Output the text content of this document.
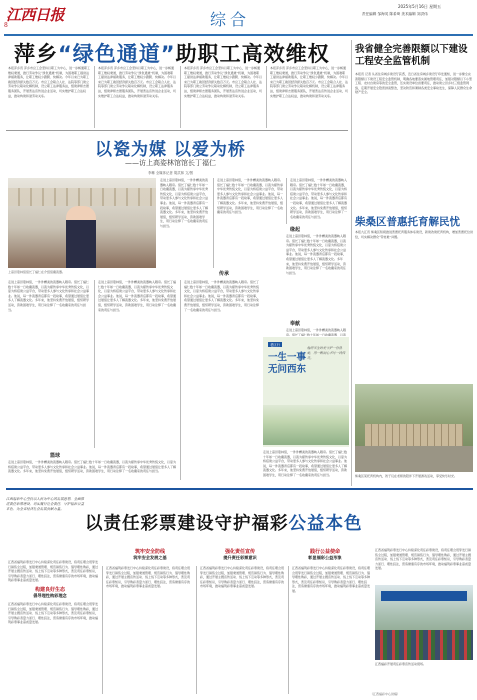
江西日报
8	综合
2025年5月16日 星期五
责任编辑 邹海英 陈希琦 美术编辑 刘洪伟
萍乡“绿色通道”助职工高效维权
本报萍乡讯 萍乡市总工会坚持以职工为中心，进一步畅通职工维权渠道，推行劳动争议“绿色通道”机制，为困难职工提供法律援助服务，让职工维权少跑腿、快解决。今年以来已为职工挽回经济损失数百万元。市总工会联合人社、法院等部门建立劳动争议联动化解机制，设立职工法律服务站，组建律师志愿服务团队，开展普法宣传进企业活动，切实维护职工合法权益，推动构建和谐劳动关系。
本报萍乡讯 萍乡市总工会坚持以职工为中心，进一步畅通职工维权渠道，推行劳动争议“绿色通道”机制，为困难职工提供法律援助服务，让职工维权少跑腿、快解决。今年以来已为职工挽回经济损失数百万元。市总工会联合人社、法院等部门建立劳动争议联动化解机制，设立职工法律服务站，组建律师志愿服务团队，开展普法宣传进企业活动，切实维护职工合法权益，推动构建和谐劳动关系。
本报萍乡讯 萍乡市总工会坚持以职工为中心，进一步畅通职工维权渠道，推行劳动争议“绿色通道”机制，为困难职工提供法律援助服务，让职工维权少跑腿、快解决。今年以来已为职工挽回经济损失数百万元。市总工会联合人社、法院等部门建立劳动争议联动化解机制，设立职工法律服务站，组建律师志愿服务团队，开展普法宣传进企业活动，切实维护职工合法权益，推动构建和谐劳动关系。
本报萍乡讯 萍乡市总工会坚持以职工为中心，进一步畅通职工维权渠道，推行劳动争议“绿色通道”机制，为困难职工提供法律援助服务，让职工维权少跑腿、快解决。今年以来已为职工挽回经济损失数百万元。市总工会联合人社、法院等部门建立劳动争议联动化解机制，设立职工法律服务站，组建律师志愿服务团队，开展普法宣传进企业活动，切实维护职工合法权益，推动构建和谐劳动关系。
我省健全完善限额以下建设工程安全监管机制
本报讯 记者 从省住房城乡建设厅获悉，近日省住房城乡建设厅印发通知，进一步健全完善限额以下建设工程安全监管机制，明确各地要落实属地管理责任，加强对限额以下小型工程、农村自建房等的安全监管，压实建设单位首要责任，推动建立县乡村三级监管网络，定期开展安全隐患排查整治，坚决防范和遏制各类安全事故发生，保障人民群众生命财产安全。
柴桑区普惠托育解民忧
本报九江讯 柴桑区积极推进普惠托育服务体系建设，新建改建托育机构，增加普惠托位供给，切实解决群众“带娃难”问题。
柴桑区某托育机构内，孩子们在老师的陪伴下开展游戏活动，享受快乐时光。
以瓷为媒 以爱为桥
——访上高姿林馆馆长丁福仁
李琳 全媒体记者 胡武林 文/图
上高县姿林馆馆长丁福仁在介绍馆藏瓷器。
走进上高县姿林馆，一件件精美的瓷器映入眼帘。馆长丁福仁数十年如一日收藏瓷器，以瓷为媒传承中华优秀传统文化，以爱为桥搭建公益平台，带动更多人参与文化传承和社会公益事业。他说，每一件瓷器背后都有一段故事，希望通过展馆让更多人了解瓷器文化。多年来，他坚持免费开放展馆，组织研学活动，资助困难学生，用行动诠释了一名收藏家的责任与担当。
走进上高县姿林馆，一件件精美的瓷器映入眼帘。馆长丁福仁数十年如一日收藏瓷器，以瓷为媒传承中华优秀传统文化，以爱为桥搭建公益平台，带动更多人参与文化传承和社会公益事业。他说，每一件瓷器背后都有一段故事，希望通过展馆让更多人了解瓷器文化。多年来，他坚持免费开放展馆，组织研学活动，资助困难学生，用行动诠释了一名收藏家的责任与担当。
走进上高县姿林馆，一件件精美的瓷器映入眼帘。馆长丁福仁数十年如一日收藏瓷器，以瓷为媒传承中华优秀传统文化，以爱为桥搭建公益平台，带动更多人参与文化传承和社会公益事业。他说，每一件瓷器背后都有一段故事，希望通过展馆让更多人了解瓷器文化。多年来，他坚持免费开放展馆，组织研学活动，资助困难学生，用行动诠释了一名收藏家的责任与担当。
缘起
走进上高县姿林馆，一件件精美的瓷器映入眼帘。馆长丁福仁数十年如一日收藏瓷器，以瓷为媒传承中华优秀传统文化，以爱为桥搭建公益平台，带动更多人参与文化传承和社会公益事业。他说，每一件瓷器背后都有一段故事，希望通过展馆让更多人了解瓷器文化。多年来，他坚持免费开放展馆，组织研学活动，资助困难学生，用行动诠释了一名收藏家的责任与担当。
传承
走进上高县姿林馆，一件件精美的瓷器映入眼帘。馆长丁福仁数十年如一日收藏瓷器，以瓷为媒传承中华优秀传统文化，以爱为桥搭建公益平台，带动更多人参与文化传承和社会公益事业。他说，每一件瓷器背后都有一段故事，希望通过展馆让更多人了解瓷器文化。多年来，他坚持免费开放展馆，组织研学活动，资助困难学生，用行动诠释了一名收藏家的责任与担当。
走进上高县姿林馆，一件件精美的瓷器映入眼帘。馆长丁福仁数十年如一日收藏瓷器，以瓷为媒传承中华优秀传统文化，以爱为桥搭建公益平台，带动更多人参与文化传承和社会公益事业。他说，每一件瓷器背后都有一段故事，希望通过展馆让更多人了解瓷器文化。多年来，他坚持免费开放展馆，组织研学活动，资助困难学生，用行动诠释了一名收藏家的责任与担当。
走进上高县姿林馆，一件件精美的瓷器映入眼帘。馆长丁福仁数十年如一日收藏瓷器，以瓷为媒传承中华优秀传统文化，以爱为桥搭建公益平台，带动更多人参与文化传承和社会公益事业。他说，每一件瓷器背后都有一段故事，希望通过展馆让更多人了解瓷器文化。多年来，他坚持免费开放展馆，组织研学活动，资助困难学生，用行动诠释了一名收藏家的责任与担当。
奉献
走进上高县姿林馆，一件件精美的瓷器映入眼帘。馆长丁福仁数十年如一日收藏瓷器，以瓷
篮球
走进上高县姿林馆，一件件精美的瓷器映入眼帘。馆长丁福仁数十年如一日收藏瓷器，以瓷为媒传承中华优秀传统文化，以爱为桥搭建公益平台，带动更多人参与文化传承和社会公益事业。他说，每一件瓷器背后都有一段故事，希望通过展馆让更多人了解瓷器文化。多年来，他坚持免费开放展馆，组织研学活动，资助困难学生，用行动诠释了一名收藏家的责任与担当。
老区行
一生一事 无问西东
他用半生时光守护一份热爱，用一颗初心书写一段传奇。
走进上高县姿林馆，一件件精美的瓷器映入眼帘。馆长丁福仁数十年如一日收藏瓷器，以瓷为媒传承中华优秀传统文化，以爱为桥搭建公益平台，带动更多人参与文化传承和社会公益事业。他说，每一件瓷器背后都有一段故事，希望通过展馆让更多人了解瓷器文化。多年来，他坚持免费开放展馆，组织研学活动，资助困难学生，用行动诠释了一名收藏家的责任与担当。
江西福彩中心坚持以人民为中心的发展思想，全面推进责任彩票建设，切实履行社会责任，守护福彩公益本色，为全省经济社会发展贡献力量。
以责任彩票建设守护福彩公益本色
筑牢安全防线
筑牢安全发展之基
强化责任宣传
提升责任彩票意识
构建良好生态
倡导理性购彩理念
践行公益使命
彰显福彩公益形象
江西省福利彩票发行中心持续深化责任彩票建设，将责任理念贯穿发行销售全过程，加强渠道管理、规范销售行为、倡导理性购彩，通过开展主题宣传活动、线上线下互动等多种形式，普及责任彩票知识，引导购彩者量力而行、理性投注，营造健康有序的市场环境，推动福利彩票事业高质量发展。
江西省福利彩票发行中心持续深化责任彩票建设，将责任理念贯穿发行销售全过程，加强渠道管理、规范销售行为、倡导理性购彩，通过开展主题宣传活动、线上线下互动等多种形式，普及责任彩票知识，引导购彩者量力而行、理性投注，营造健康有序的市场环境，推动福利彩票事业高质量发展。
江西省福利彩票发行中心持续深化责任彩票建设，将责任理念贯穿发行销售全过程，加强渠道管理、规范销售行为、倡导理性购彩，通过开展主题宣传活动、线上线下互动等多种形式，普及责任彩票知识，引导购彩者量力而行、理性投注，营造健康有序的市场环境，推动福利彩票事业高质量发展。
江西省福利彩票发行中心持续深化责任彩票建设，将责任理念贯穿发行销售全过程，加强渠道管理、规范销售行为、倡导理性购彩，通过开展主题宣传活动、线上线下互动等多种形式，普及责任彩票知识，引导购彩者量力而行、理性投注，营造健康有序的市场环境，推动福利彩票事业高质量发展。
江西省福利彩票发行中心持续深化责任彩票建设，将责任理念贯穿发行销售全过程，加强渠道管理、规范销售行为、倡导理性购彩，通过开展主题宣传活动、线上线下互动等多种形式，普及责任彩票知识，引导购彩者量力而行、理性投注，营造健康有序的市场环境，推动福利彩票事业高质量发展。
江西省福利彩票发行中心持续深化责任彩票建设，将责任理念贯穿发行销售全过程，加强渠道管理、规范销售行为、倡导理性购彩，通过开展主题宣传活动、线上线下互动等多种形式，普及责任彩票知识，引导购彩者量力而行、理性投注，营造健康有序的市场环境，推动福利彩票事业高质量发展。
江西福彩开展责任彩票宣传活动现场。
（江西福彩中心供稿）
